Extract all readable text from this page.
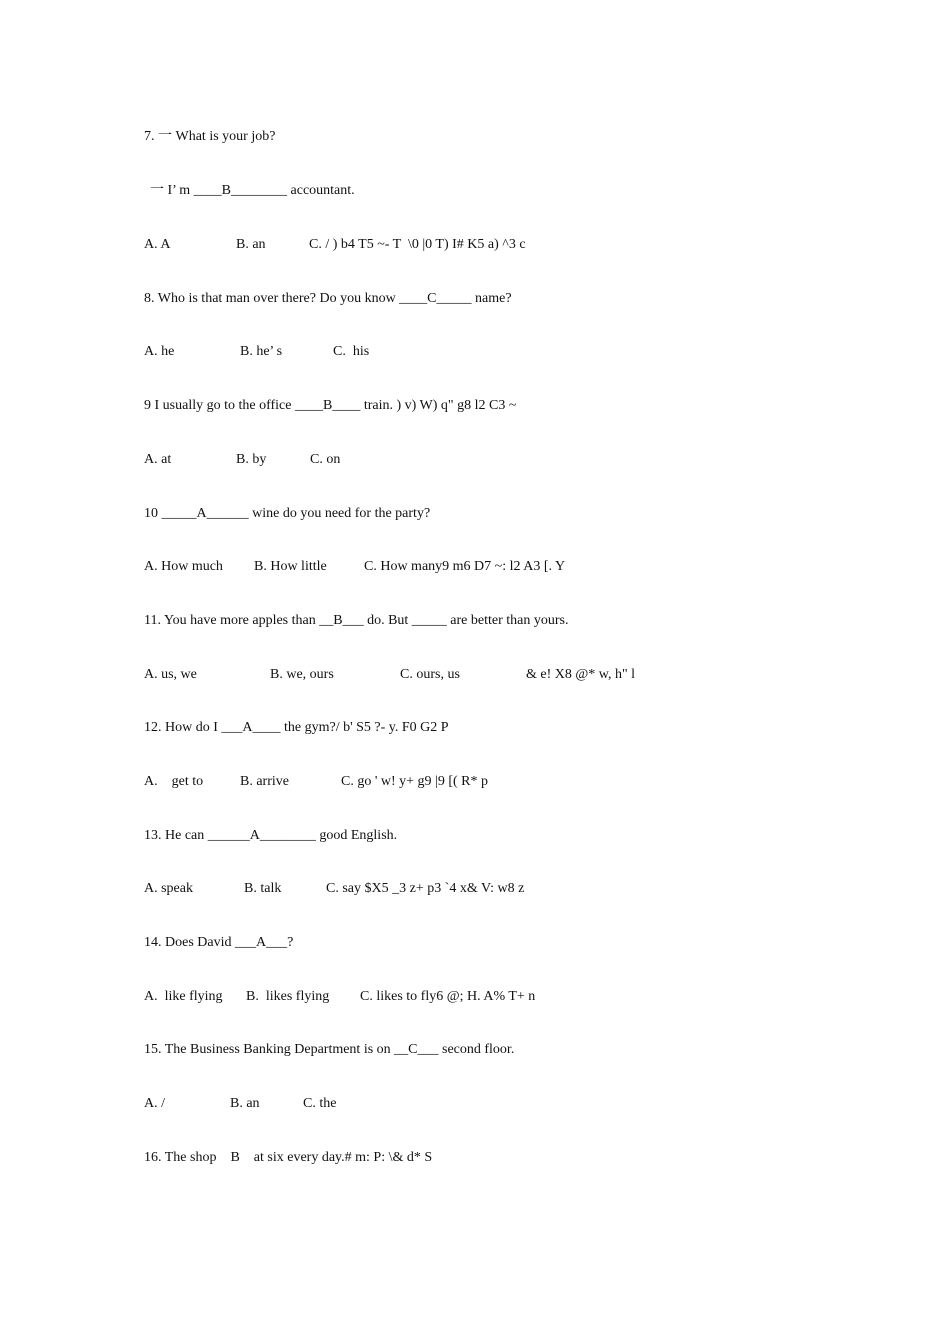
7. 一 What is your job?
一 I’ m ____B________ accountant.

A. A

	B. an

	C. / ) b4 T5 ~- T  \0 |0 T) I# K5 a) ^3 c

8. Who is that man over there? Do you know ____C_____ name?

A. he

	B. he’ s

	C.  his

9 I usually go to the office ____B____ train. ) v) W) q" g8 l2 C3 ~

A. at

	B. by

	C. on

10 _____A______ wine do you need for the party?

A. How much

B. How little

	C. How many9 m6 D7 ~: l2 A3 [. Y

11. You have more apples than __B___ do. But _____ are better than yours.

A. us, we

	B. we, ours

	C. ours, us

	& e! X8 @* w, h" l

12. How do I ___A____ the gym?/ b' S5 ?- y. F0 G2 P

A.    get to

	B. arrive

	C. go ' w! y+ g9 |9 [( R* p

13. He can ______A________ good English.

A. speak

	B. talk

	C. say $X5 _3 z+ p3 `4 x& V: w8 z

14. Does David ___A___?

A.  like flying

B.  likes flying

C. likes to fly6 @; H. A% T+ n

15. The Business Banking Department is on __C___ second floor.

A. /

	B. an

	C. the

16. The shop    B    at six every day.# m: P: \& d* S
